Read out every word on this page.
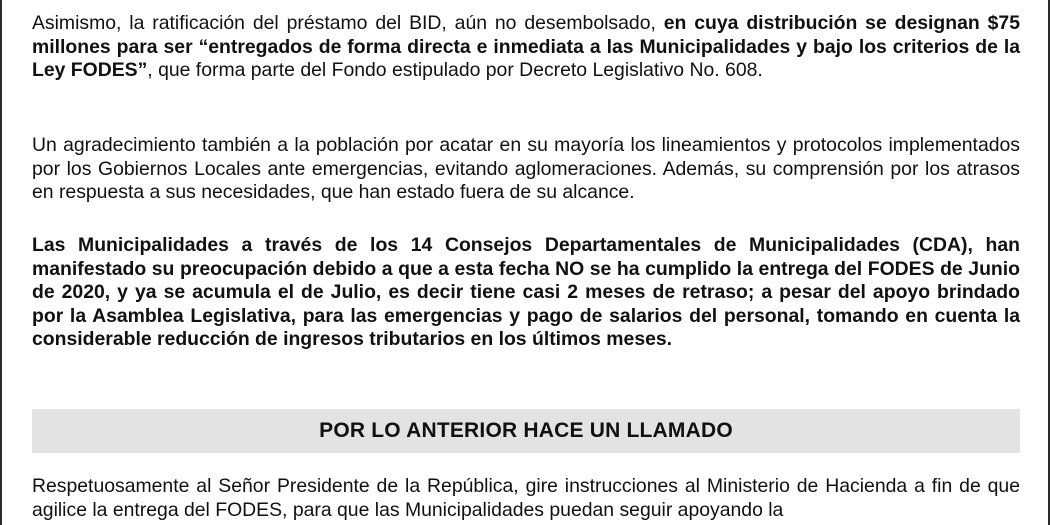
Asimismo, la ratificación del préstamo del BID, aún no desembolsado, en cuya distribución se designan $75 millones para ser “entregados de forma directa e inmediata a las Municipalidades y bajo los criterios de la Ley FODES”, que forma parte del Fondo estipulado por Decreto Legislativo No. 608.

Un agradecimiento también a la población por acatar en su mayoría los lineamientos y protocolos implementados por los Gobiernos Locales ante emergencias, evitando aglomeraciones. Además, su comprensión por los atrasos en respuesta a sus necesidades, que han estado fuera de su alcance.

Las Municipalidades a través de los 14 Consejos Departamentales de Municipalidades (CDA), han manifestado su preocupación debido a que a esta fecha NO se ha cumplido la entrega del FODES de Junio de 2020, y ya se acumula el de Julio, es decir tiene casi 2 meses de retraso; a pesar del apoyo brindado por la Asamblea Legislativa, para las emergencias y pago de salarios del personal, tomando en cuenta la considerable reducción de ingresos tributarios en los últimos meses.

POR LO ANTERIOR HACE UN LLAMADO

Respetuosamente al Señor Presidente de la República, gire instrucciones al Ministerio de Hacienda a fin de que agilice la entrega del FODES, para que las Municipalidades puedan seguir apoyando la
